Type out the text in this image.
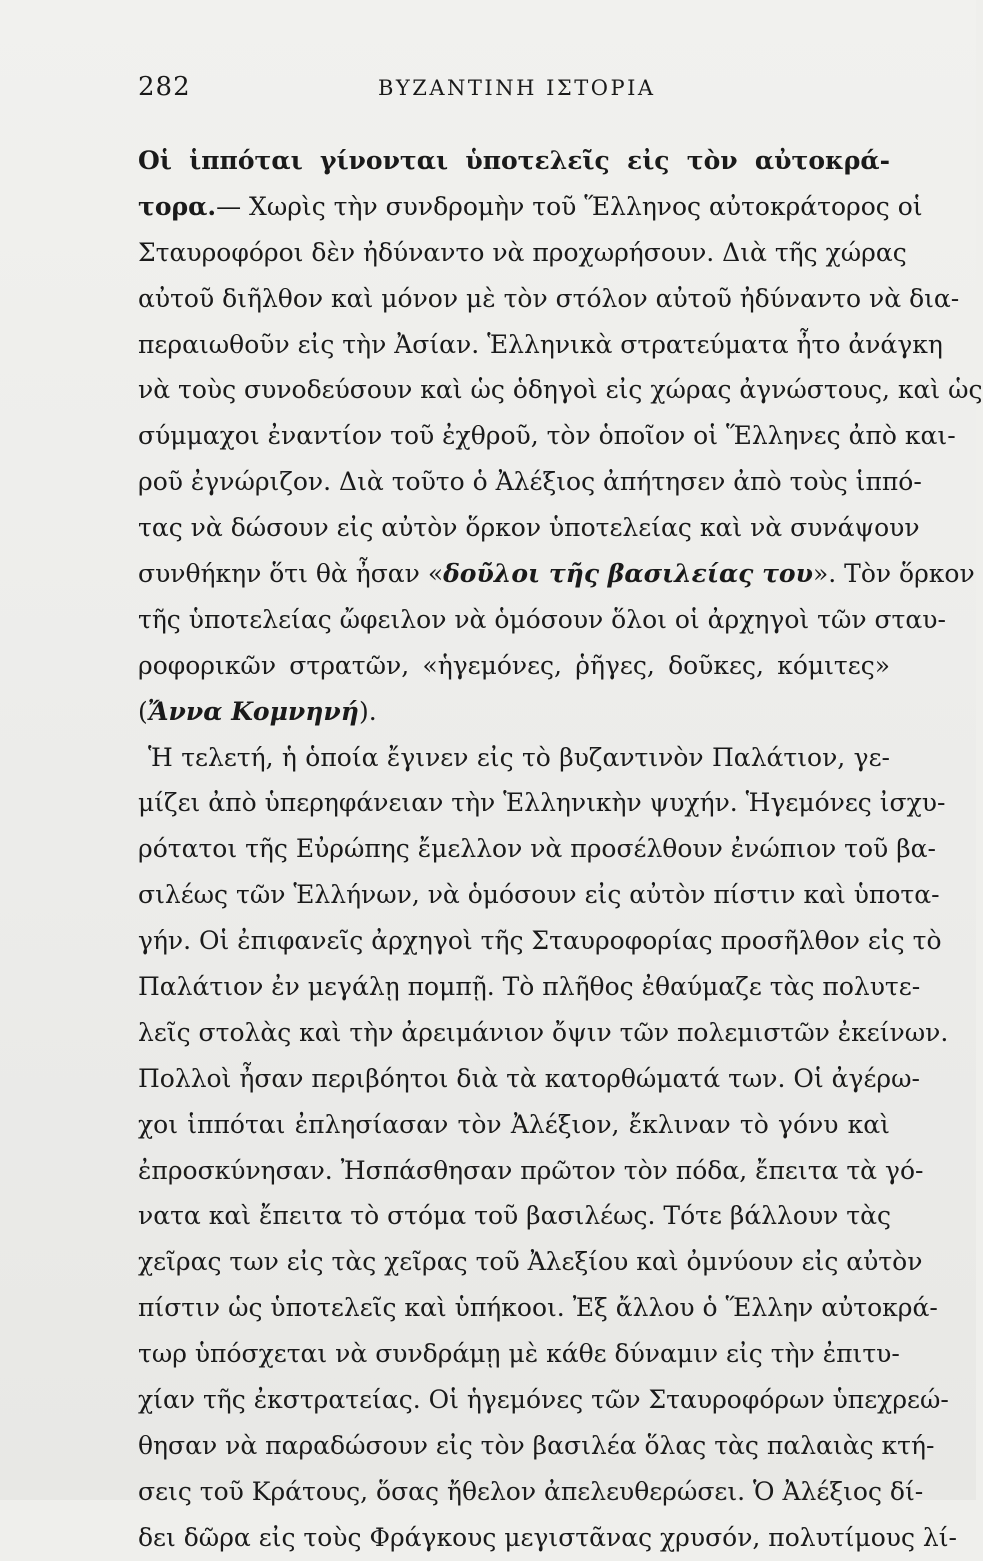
282	ΒΥΖΑΝΤΙΝΗ ΙΣΤΟΡΙΑ
Οἱ ἱππόται γίνονται ὑποτελεῖς εἰς τὸν αὐτοκρά-
τορα.— Χωρὶς τὴν συνδρομὴν τοῦ Ἕλληνος αὐτοκράτορος οἱ
Σταυροφόροι δὲν ἠδύναντο νὰ προχωρήσουν. Διὰ τῆς χώρας
αὐτοῦ διῆλθον καὶ μόνον μὲ τὸν στόλον αὐτοῦ ἠδύναντο νὰ δια-
περαιωθοῦν εἰς τὴν Ἀσίαν. Ἑλληνικὰ στρατεύματα ἦτο ἀνάγκη
νὰ τοὺς συνοδεύσουν καὶ ὡς ὁδηγοὶ εἰς χώρας ἀγνώστους, καὶ ὡς
σύμμαχοι ἐναντίον τοῦ ἐχθροῦ, τὸν ὁποῖον οἱ Ἕλληνες ἀπὸ και-
ροῦ ἐγνώριζον. Διὰ τοῦτο ὁ Ἀλέξιος ἀπήτησεν ἀπὸ τοὺς ἱππό-
τας νὰ δώσουν εἰς αὐτὸν ὅρκον ὑποτελείας καὶ νὰ συνάψουν
συνθήκην ὅτι θὰ ἦσαν «δοῦλοι τῆς βασιλείας του». Τὸν ὅρκον
τῆς ὑποτελείας ὤφειλον νὰ ὁμόσουν ὅλοι οἱ ἀρχηγοὶ τῶν σταυ-
ροφορικῶν στρατῶν, «ἡγεμόνες, ῥῆγες, δοῦκες, κόμιτες»
(Ἄννα Κομνηνή).
Ἡ τελετή, ἡ ὁποία ἔγινεν εἰς τὸ βυζαντινὸν Παλάτιον, γε-
μίζει ἀπὸ ὑπερηφάνειαν τὴν Ἑλληνικὴν ψυχήν. Ἡγεμόνες ἰσχυ-
ρότατοι τῆς Εὐρώπης ἔμελλον νὰ προσέλθουν ἐνώπιον τοῦ βα-
σιλέως τῶν Ἑλλήνων, νὰ ὁμόσουν εἰς αὐτὸν πίστιν καὶ ὑποτα-
γήν. Οἱ ἐπιφανεῖς ἀρχηγοὶ τῆς Σταυροφορίας προσῆλθον εἰς τὸ
Παλάτιον ἐν μεγάλῃ πομπῇ. Τὸ πλῆθος ἐθαύμαζε τὰς πολυτε-
λεῖς στολὰς καὶ τὴν ἀρειμάνιον ὄψιν τῶν πολεμιστῶν ἐκείνων.
Πολλοὶ ἦσαν περιβόητοι διὰ τὰ κατορθώματά των. Οἱ ἀγέρω-
χοι ἱππόται ἐπλησίασαν τὸν Ἀλέξιον, ἔκλιναν τὸ γόνυ καὶ
ἐπροσκύνησαν. Ἠσπάσθησαν πρῶτον τὸν πόδα, ἔπειτα τὰ γό-
νατα καὶ ἔπειτα τὸ στόμα τοῦ βασιλέως. Τότε βάλλουν τὰς
χεῖρας των εἰς τὰς χεῖρας τοῦ Ἀλεξίου καὶ ὀμνύουν εἰς αὐτὸν
πίστιν ὡς ὑποτελεῖς καὶ ὑπήκοοι. Ἐξ ἄλλου ὁ Ἕλλην αὐτοκρά-
τωρ ὑπόσχεται νὰ συνδράμῃ μὲ κάθε δύναμιν εἰς τὴν ἐπιτυ-
χίαν τῆς ἐκστρατείας. Οἱ ἡγεμόνες τῶν Σταυροφόρων ὑπεχρεώ-
θησαν νὰ παραδώσουν εἰς τὸν βασιλέα ὅλας τὰς παλαιὰς κτή-
σεις τοῦ Κράτους, ὅσας ἤθελον ἀπελευθερώσει. Ὁ Ἀλέξιος δί-
δει δῶρα εἰς τοὺς Φράγκους μεγιστᾶνας χρυσόν, πολυτίμους λί-
